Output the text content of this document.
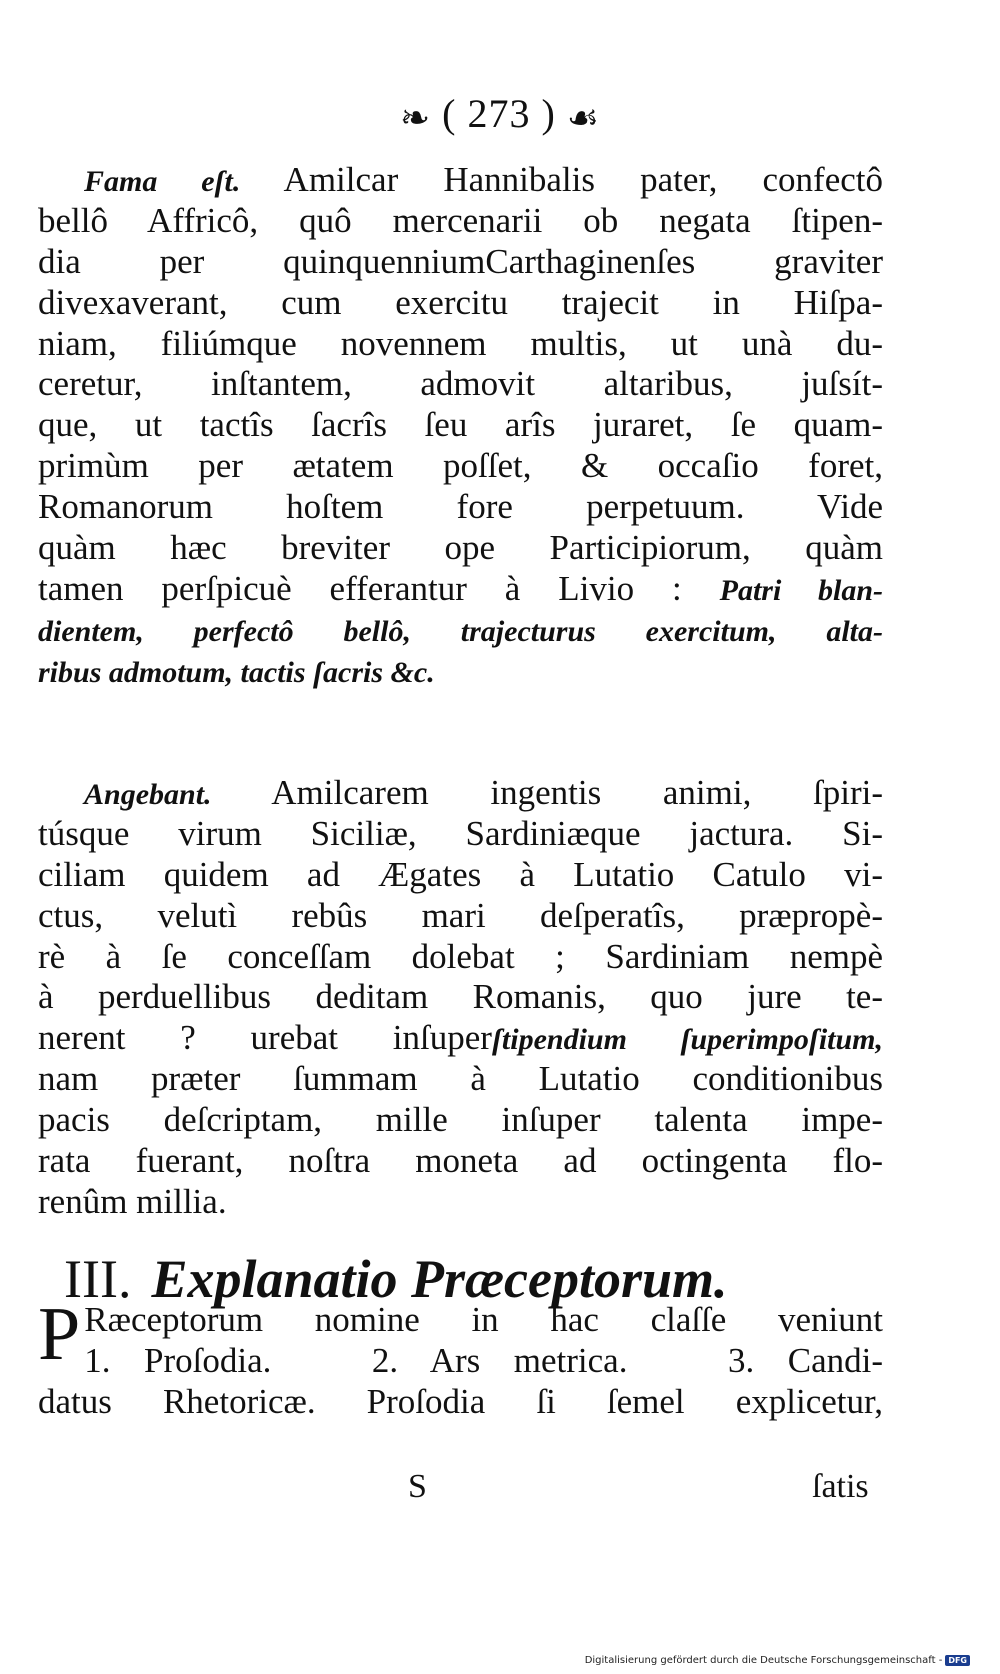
❧ ( 273 ) ☙
Fama eſt. Amilcar Hannibalis pater, confectô
bellô Affricô, quô mercenarii ob negata ſtipen-
dia per quinquenniumCarthaginenſes graviter
divexaverant, cum exercitu trajecit in Hiſpa-
niam, filiúmque novennem multis, ut unà du-
ceretur, inſtantem, admovit altaribus, juſsít-
que, ut tactîs ſacrîs ſeu arîs juraret, ſe quam-
primùm per ætatem poſſet, & occaſio foret,
Romanorum hoſtem fore perpetuum. Vide
quàm hæc breviter ope Participiorum, quàm
tamen perſpicuè efferantur à Livio : Patri blan-
dientem, perfectô bellô, trajecturus exercitum, alta-
ribus admotum, tactis ſacris &c.
Angebant. Amilcarem ingentis animi, ſpiri-
túsque virum Siciliæ, Sardiniæque jactura. Si-
ciliam quidem ad Ægates à Lutatio Catulo vi-
ctus, velutì rebûs mari deſperatîs, præpropè-
rè à ſe conceſſam dolebat ; Sardiniam nempè
à perduellibus deditam Romanis, quo jure te-
nerent ? urebat inſuperſtipendium ſuperimpoſitum,
nam præter ſummam à Lutatio conditionibus
pacis deſcriptam, mille inſuper talenta impe-
rata fuerant, noſtra moneta ad octingenta flo-
renûm millia.
III. Explanatio Præceptorum.
P Ræceptorum nomine in hac claſſe veniunt
1. Proſodia.   2. Ars metrica.   3. Candi-
datus Rhetoricæ. Proſodia ſi ſemel explicetur,
S	ſatis
Digitalisierung gefördert durch die Deutsche Forschungsgemeinschaft - DFG
